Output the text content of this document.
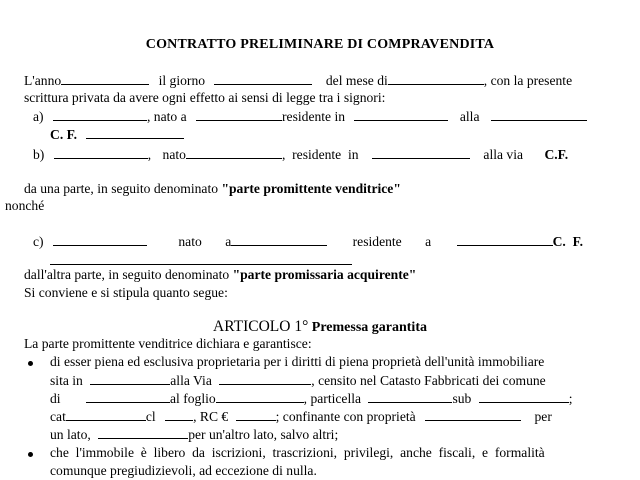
CONTRATTO PRELIMINARE DI COMPRAVENDITA
L'anno	il giorno	del mese di	, con la presente
scrittura privata da avere ogni effetto ai sensi di legge tra i signori:
a)	, nato a	residente in	alla
C. F.
b)	, nato	,  residente  in	alla via C.F.
da una parte, in seguito denominato "parte promittente venditrice"
nonché
c)	nato a	residente a	C.  F.
dall'altra parte, in seguito denominato "parte promissaria acquirente"
Si conviene e si stipula quanto segue:
ARTICOLO 1° Premessa garantita
La parte promittente venditrice dichiara e garantisce:
di esser piena ed esclusiva proprietaria per i diritti di piena proprietà dell'unità immobiliare
sita in	alla Via	, censito nel Catasto Fabbricati dei comune
di	al foglio	, particella	sub	;
cat	cl	, RC €	; confinante con proprietà	per
un lato,	per un'altro lato, salvo altri;
che  l'immobile  è  libero  da  iscrizioni,  trascrizioni,  privilegi,  anche  fiscali,  e  formalità
comunque pregiudizievoli, ad eccezione di nulla.
